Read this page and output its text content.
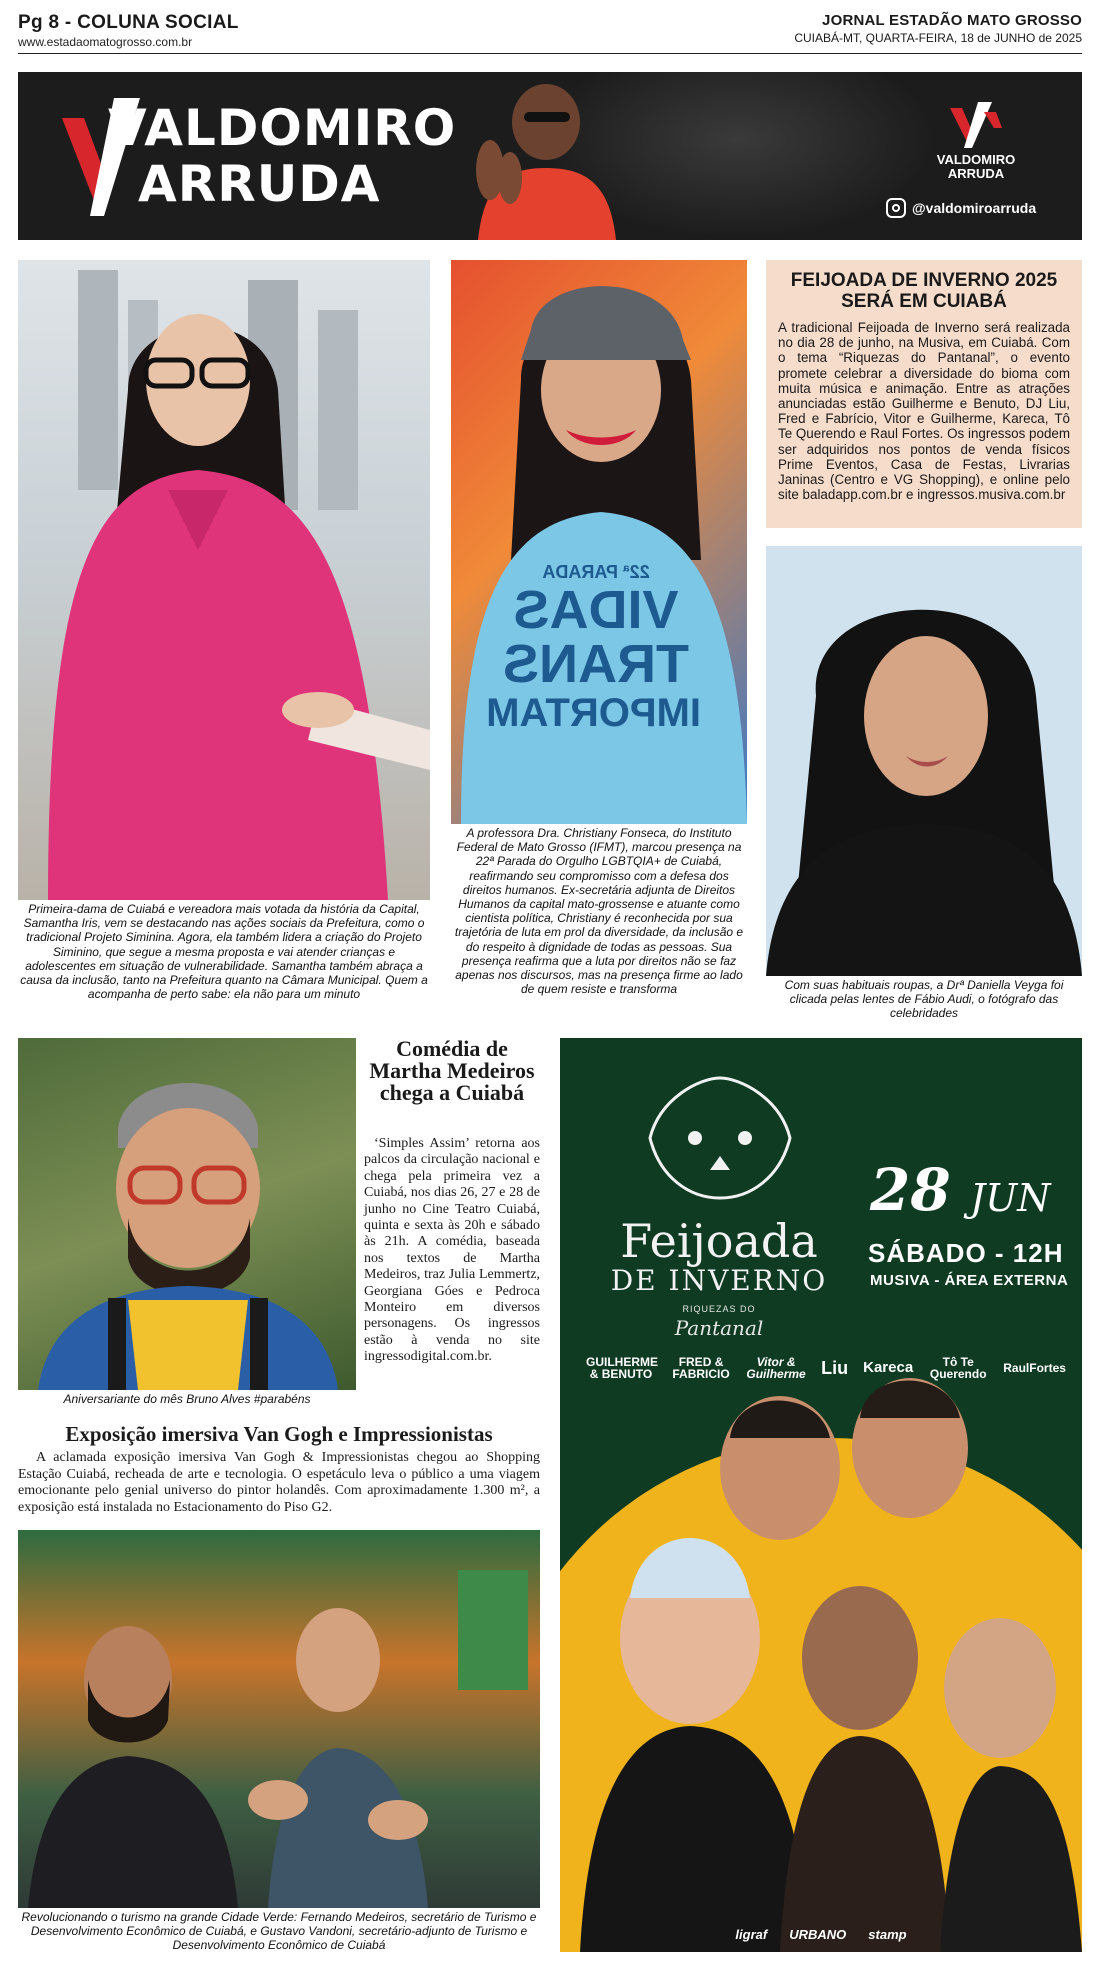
Pg 8 - COLUNA SOCIAL
www.estadaomatogrosso.com.br
JORNAL ESTADÃO MATO GROSSO
CUIABÁ-MT, QUARTA-FEIRA, 18 de JUNHO de 2025
VALDOMIRO
ARRUDA	VALDOMIRO
ARRUDA
@valdomiroarruda
Primeira-dama de Cuiabá e vereadora mais votada da história da Capital, Samantha Iris, vem se destacando nas ações sociais da Prefeitura, como o tradicional Projeto Siminina. Agora, ela também lidera a criação do Projeto Siminino, que segue a mesma proposta e vai atender crianças e adolescentes em situação de vulnerabilidade. Samantha também abraça a causa da inclusão, tanto na Prefeitura quanto na Câmara Municipal. Quem a acompanha de perto sabe: ela não para um minuto
22ª PARADA
VIDAS
TRANS
IMPORTAM
A professora Dra. Christiany Fonseca, do Instituto Federal de Mato Grosso (IFMT), marcou presença na 22ª Parada do Orgulho LGBTQIA+ de Cuiabá, reafirmando seu compromisso com a defesa dos direitos humanos. Ex-secretária adjunta de Direitos Humanos da capital mato-grossense e atuante como cientista política, Christiany é reconhecida por sua trajetória de luta em prol da diversidade, da inclusão e do respeito à dignidade de todas as pessoas. Sua presença reafirma que a luta por direitos não se faz apenas nos discursos, mas na presença firme ao lado de quem resiste e transforma
FEIJOADA DE INVERNO 2025 SERÁ EM CUIABÁ
A tradicional Feijoada de Inverno será realizada no dia 28 de junho, na Musiva, em Cuiabá. Com o tema “Riquezas do Pantanal”, o evento promete celebrar a diversidade do bioma com muita música e animação. Entre as atrações anunciadas estão Guilherme e Benuto, DJ Liu, Fred e Fabrício, Vitor e Guilherme, Kareca, Tô Te Querendo e Raul Fortes. Os ingressos podem ser adquiridos nos pontos de venda físicos Prime Eventos, Casa de Festas, Livrarias Janinas (Centro e VG Shopping), e online pelo site baladapp.com.br e ingressos.musiva.com.br
Com suas habituais roupas, a Drª Daniella Veyga foi clicada pelas lentes de Fábio Audi, o fotógrafo das celebridades
Aniversariante do mês Bruno Alves #parabéns
Comédia de Martha Medeiros chega a Cuiabá
‘Simples Assim’ retorna aos palcos da circulação nacional e chega pela primeira vez a Cuiabá, nos dias 26, 27 e 28 de junho no Cine Teatro Cuiabá, quinta e sexta às 20h e sábado às 21h. A comédia, baseada nos textos de Martha Medeiros, traz Julia Lemmertz, Georgiana Góes e Pedroca Monteiro em diversos personagens. Os ingressos estão à venda no site ingressodigital.com.br.
Exposição imersiva Van Gogh e Impressionistas
A aclamada exposição imersiva Van Gogh & Impressionistas chegou ao Shopping Estação Cuiabá, recheada de arte e tecnologia. O espetáculo leva o público a uma viagem emocionante pelo genial universo do pintor holandês. Com aproximadamente 1.300 m², a exposição está instalada no Estacionamento do Piso G2.
Revolucionando o turismo na grande Cidade Verde: Fernando Medeiros, secretário de Turismo e Desenvolvimento Econômico de Cuiabá, e Gustavo Vandoni, secretário-adjunto de Turismo e Desenvolvimento Econômico de Cuiabá
Feijoada
DE INVERNO
RIQUEZAS DO
Pantanal
28 JUN
SÁBADO - 12H
MUSIVA - ÁREA EXTERNA
GUILHERME & BENUTO
FRED & FABRICIO
Vitor & Guilherme Liu Kareca	Tô Te Querendo RaulFortes
ligraf URBANO stamp
